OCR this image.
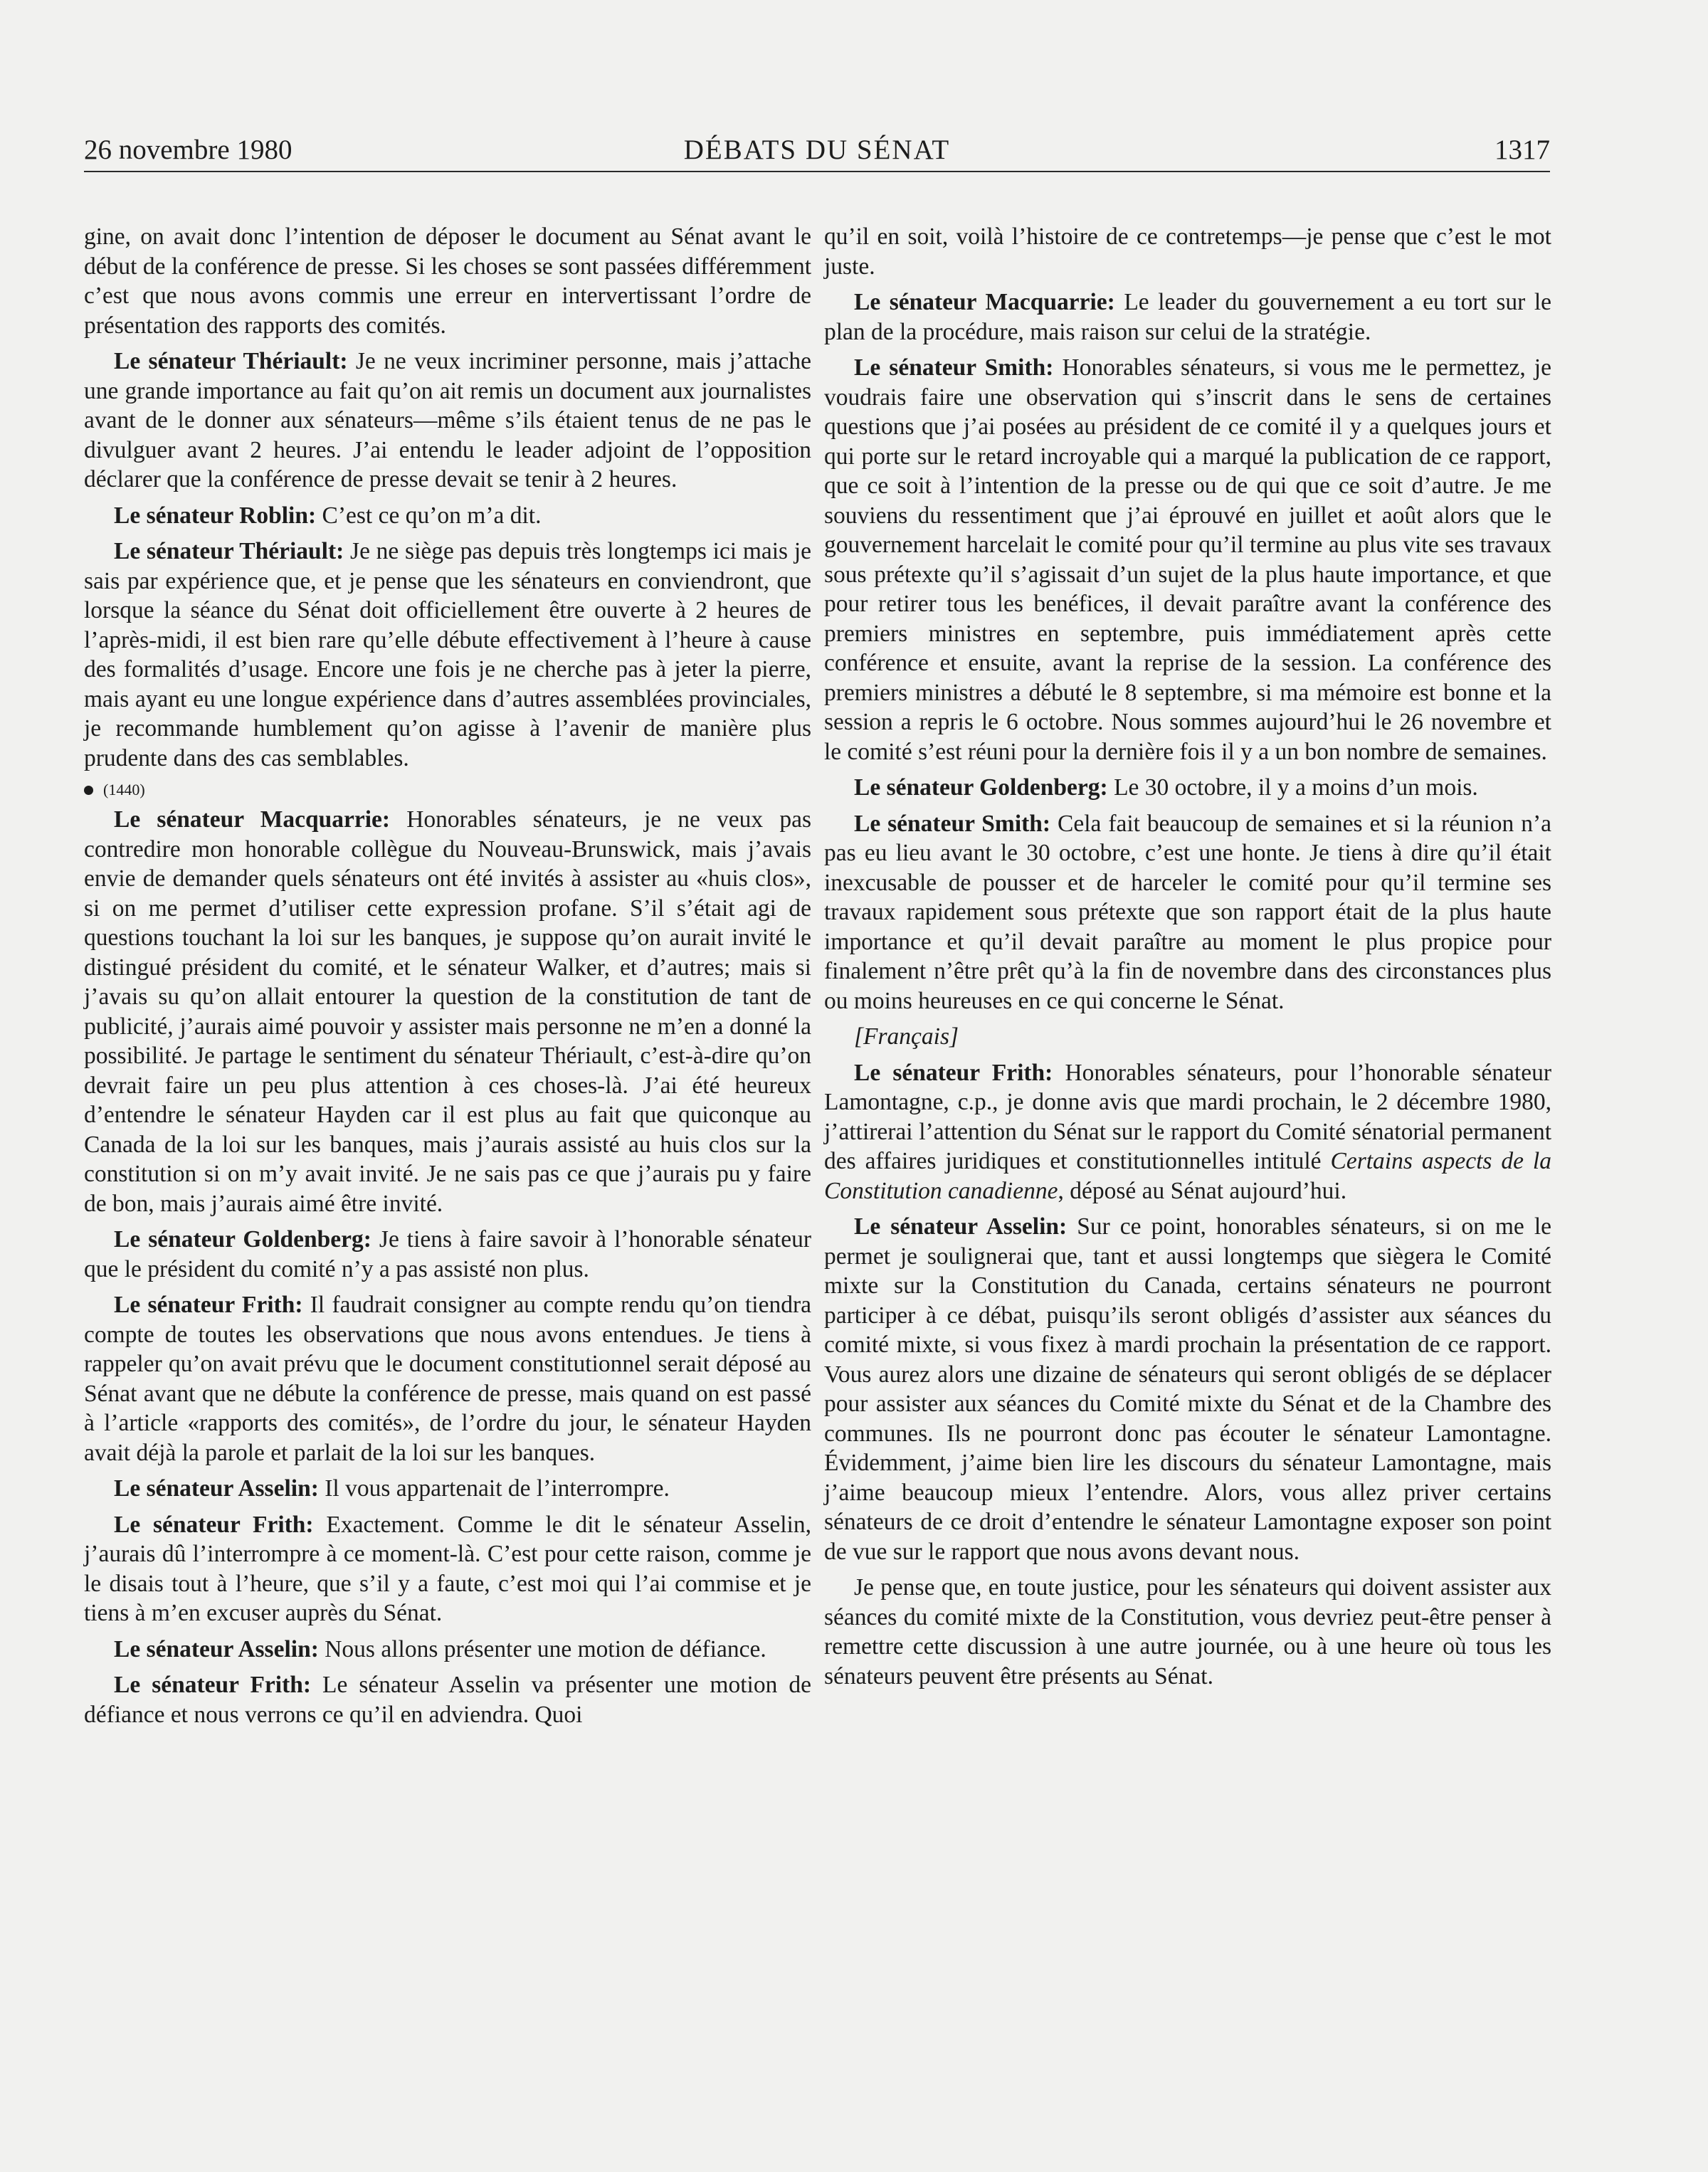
26 novembre 1980	DÉBATS DU SÉNAT	1317

gine, on avait donc l’intention de déposer le document au Sénat avant le début de la conférence de presse. Si les choses se sont passées différemment c’est que nous avons commis une erreur en intervertissant l’ordre de présentation des rapports des comités.

Le sénateur Thériault: Je ne veux incriminer personne, mais j’attache une grande importance au fait qu’on ait remis un document aux journalistes avant de le donner aux sénateurs—même s’ils étaient tenus de ne pas le divulguer avant 2 heures. J’ai entendu le leader adjoint de l’opposition déclarer que la conférence de presse devait se tenir à 2 heures.

Le sénateur Roblin: C’est ce qu’on m’a dit.

Le sénateur Thériault: Je ne siège pas depuis très longtemps ici mais je sais par expérience que, et je pense que les sénateurs en conviendront, que lorsque la séance du Sénat doit officiellement être ouverte à 2 heures de l’après-midi, il est bien rare qu’elle débute effectivement à l’heure à cause des formalités d’usage. Encore une fois je ne cherche pas à jeter la pierre, mais ayant eu une longue expérience dans d’autres assemblées provinciales, je recommande humblement qu’on agisse à l’avenir de manière plus prudente dans des cas semblables.

(1440)

Le sénateur Macquarrie: Honorables sénateurs, je ne veux pas contredire mon honorable collègue du Nouveau-Brunswick, mais j’avais envie de demander quels sénateurs ont été invités à assister au «huis clos», si on me permet d’utiliser cette expression profane. S’il s’était agi de questions touchant la loi sur les banques, je suppose qu’on aurait invité le distingué président du comité, et le sénateur Walker, et d’autres; mais si j’avais su qu’on allait entourer la question de la constitution de tant de publicité, j’aurais aimé pouvoir y assister mais personne ne m’en a donné la possibilité. Je partage le sentiment du sénateur Thériault, c’est-à-dire qu’on devrait faire un peu plus attention à ces choses-là. J’ai été heureux d’entendre le sénateur Hayden car il est plus au fait que quiconque au Canada de la loi sur les banques, mais j’aurais assisté au huis clos sur la constitution si on m’y avait invité. Je ne sais pas ce que j’aurais pu y faire de bon, mais j’aurais aimé être invité.

Le sénateur Goldenberg: Je tiens à faire savoir à l’honorable sénateur que le président du comité n’y a pas assisté non plus.

Le sénateur Frith: Il faudrait consigner au compte rendu qu’on tiendra compte de toutes les observations que nous avons entendues. Je tiens à rappeler qu’on avait prévu que le document constitutionnel serait déposé au Sénat avant que ne débute la conférence de presse, mais quand on est passé à l’article «rapports des comités», de l’ordre du jour, le sénateur Hayden avait déjà la parole et parlait de la loi sur les banques.

Le sénateur Asselin: Il vous appartenait de l’interrompre.

Le sénateur Frith: Exactement. Comme le dit le sénateur Asselin, j’aurais dû l’interrompre à ce moment-là. C’est pour cette raison, comme je le disais tout à l’heure, que s’il y a faute, c’est moi qui l’ai commise et je tiens à m’en excuser auprès du Sénat.

Le sénateur Asselin: Nous allons présenter une motion de défiance.

Le sénateur Frith: Le sénateur Asselin va présenter une motion de défiance et nous verrons ce qu’il en adviendra. Quoi

qu’il en soit, voilà l’histoire de ce contretemps—je pense que c’est le mot juste.

Le sénateur Macquarrie: Le leader du gouvernement a eu tort sur le plan de la procédure, mais raison sur celui de la stratégie.

Le sénateur Smith: Honorables sénateurs, si vous me le permettez, je voudrais faire une observation qui s’inscrit dans le sens de certaines questions que j’ai posées au président de ce comité il y a quelques jours et qui porte sur le retard incroyable qui a marqué la publication de ce rapport, que ce soit à l’intention de la presse ou de qui que ce soit d’autre. Je me souviens du ressentiment que j’ai éprouvé en juillet et août alors que le gouvernement harcelait le comité pour qu’il termine au plus vite ses travaux sous prétexte qu’il s’agissait d’un sujet de la plus haute importance, et que pour retirer tous les benéfices, il devait paraître avant la conférence des premiers ministres en septembre, puis immédiatement après cette conférence et ensuite, avant la reprise de la session. La conférence des premiers ministres a débuté le 8 septembre, si ma mémoire est bonne et la session a repris le 6 octobre. Nous sommes aujourd’hui le 26 novembre et le comité s’est réuni pour la dernière fois il y a un bon nombre de semaines.

Le sénateur Goldenberg: Le 30 octobre, il y a moins d’un mois.

Le sénateur Smith: Cela fait beaucoup de semaines et si la réunion n’a pas eu lieu avant le 30 octobre, c’est une honte. Je tiens à dire qu’il était inexcusable de pousser et de harceler le comité pour qu’il termine ses travaux rapidement sous prétexte que son rapport était de la plus haute importance et qu’il devait paraître au moment le plus propice pour finalement n’être prêt qu’à la fin de novembre dans des circonstances plus ou moins heureuses en ce qui concerne le Sénat.

[Français]

Le sénateur Frith: Honorables sénateurs, pour l’honorable sénateur Lamontagne, c.p., je donne avis que mardi prochain, le 2 décembre 1980, j’attirerai l’attention du Sénat sur le rapport du Comité sénatorial permanent des affaires juridiques et constitutionnelles intitulé Certains aspects de la Constitution canadienne, déposé au Sénat aujourd’hui.

Le sénateur Asselin: Sur ce point, honorables sénateurs, si on me le permet je soulignerai que, tant et aussi longtemps que siègera le Comité mixte sur la Constitution du Canada, certains sénateurs ne pourront participer à ce débat, puisqu’ils seront obligés d’assister aux séances du comité mixte, si vous fixez à mardi prochain la présentation de ce rapport. Vous aurez alors une dizaine de sénateurs qui seront obligés de se déplacer pour assister aux séances du Comité mixte du Sénat et de la Chambre des communes. Ils ne pourront donc pas écouter le sénateur Lamontagne. Évidemment, j’aime bien lire les discours du sénateur Lamontagne, mais j’aime beaucoup mieux l’entendre. Alors, vous allez priver certains sénateurs de ce droit d’entendre le sénateur Lamontagne exposer son point de vue sur le rapport que nous avons devant nous.

Je pense que, en toute justice, pour les sénateurs qui doivent assister aux séances du comité mixte de la Constitution, vous devriez peut-être penser à remettre cette discussion à une autre journée, ou à une heure où tous les sénateurs peuvent être présents au Sénat.
